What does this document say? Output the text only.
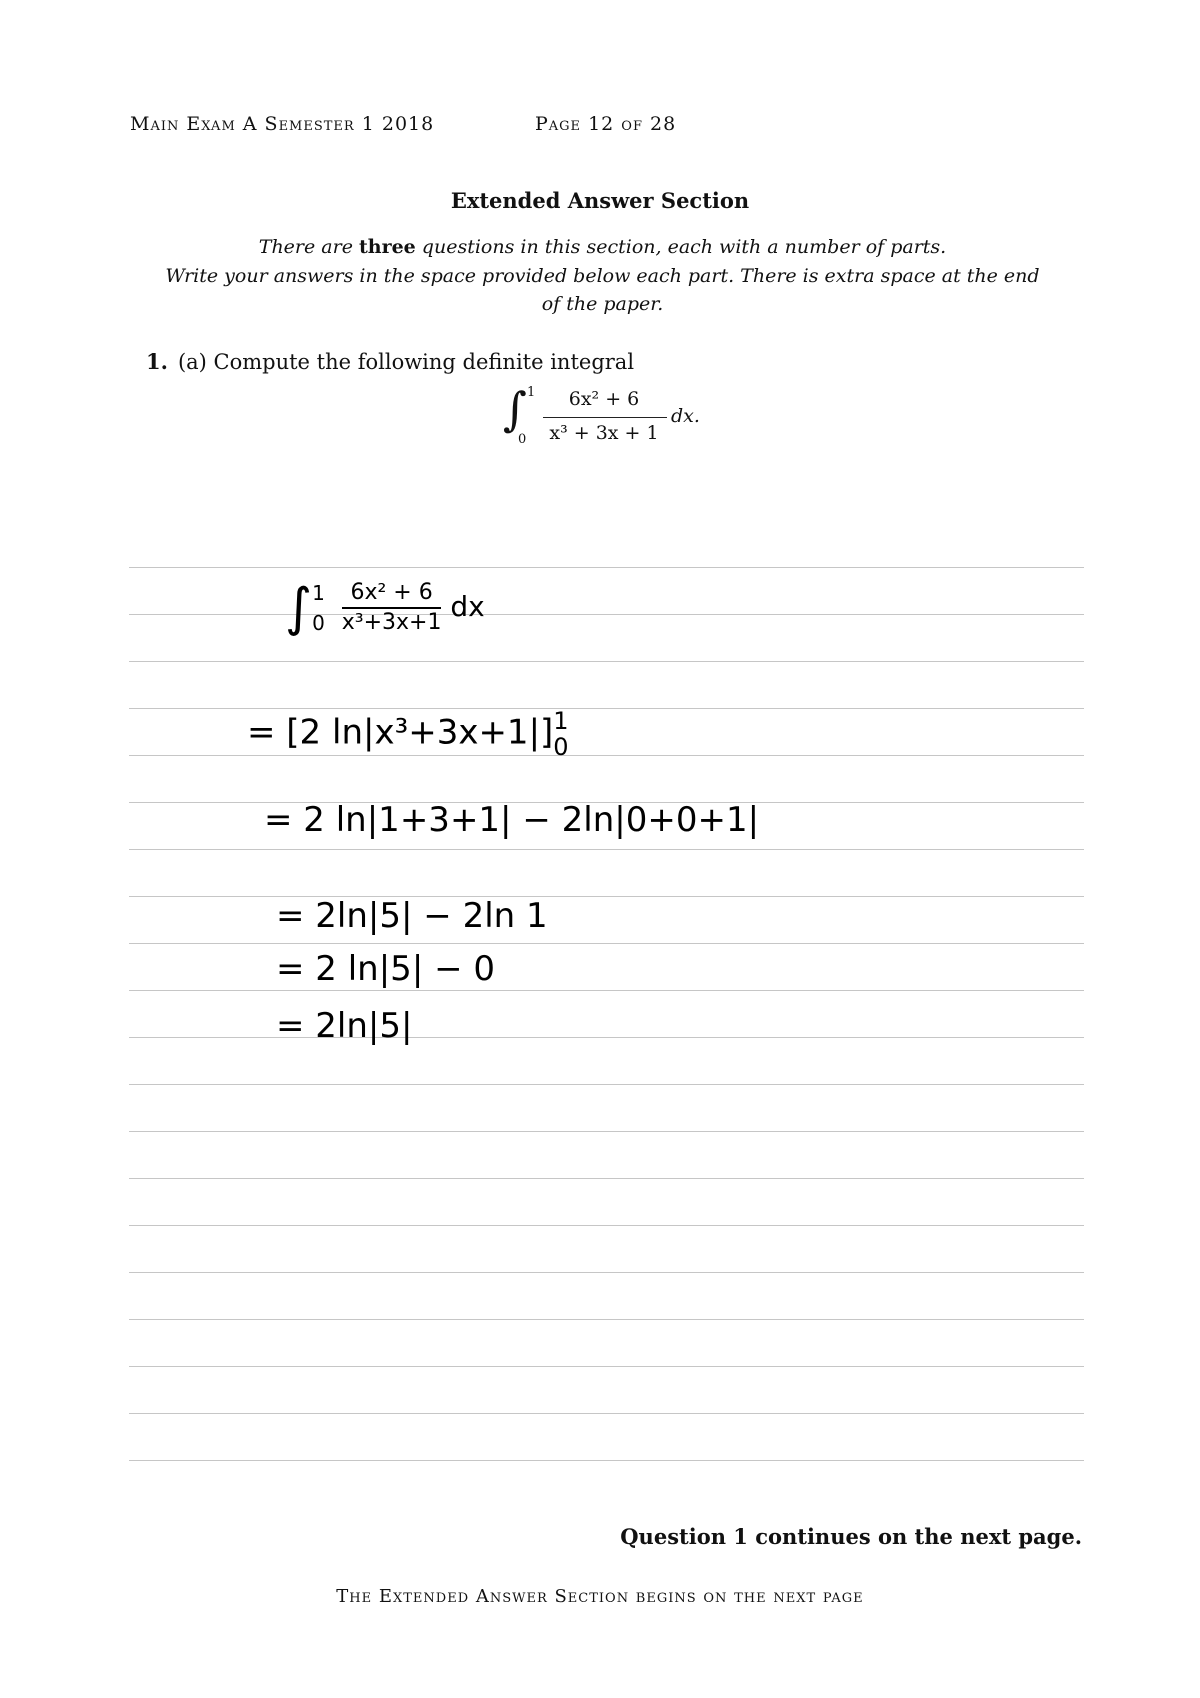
Main Exam A Semester 1 2018	Page 12 of 28
Extended Answer Section
There are three questions in this section, each with a number of parts.
Write your answers in the space provided below each part. There is extra space at the end
of the paper.
1. (a) Compute the following definite integral
∫ 1
0
6x² + 6
x³ + 3x + 1
dx.
∫1
$0 \frac{\text{6x² + 6}}{\text{x³+3x+1}}$ dx
= [2 ln|x³+3x+1|]1
0
= 2 ln|1+3+1| − 2ln|0+0+1|
= 2ln|5| − 2ln 1
= 2 ln|5| − 0
= 2ln|5|
Question 1 continues on the next page.
The Extended Answer Section begins on the next page
